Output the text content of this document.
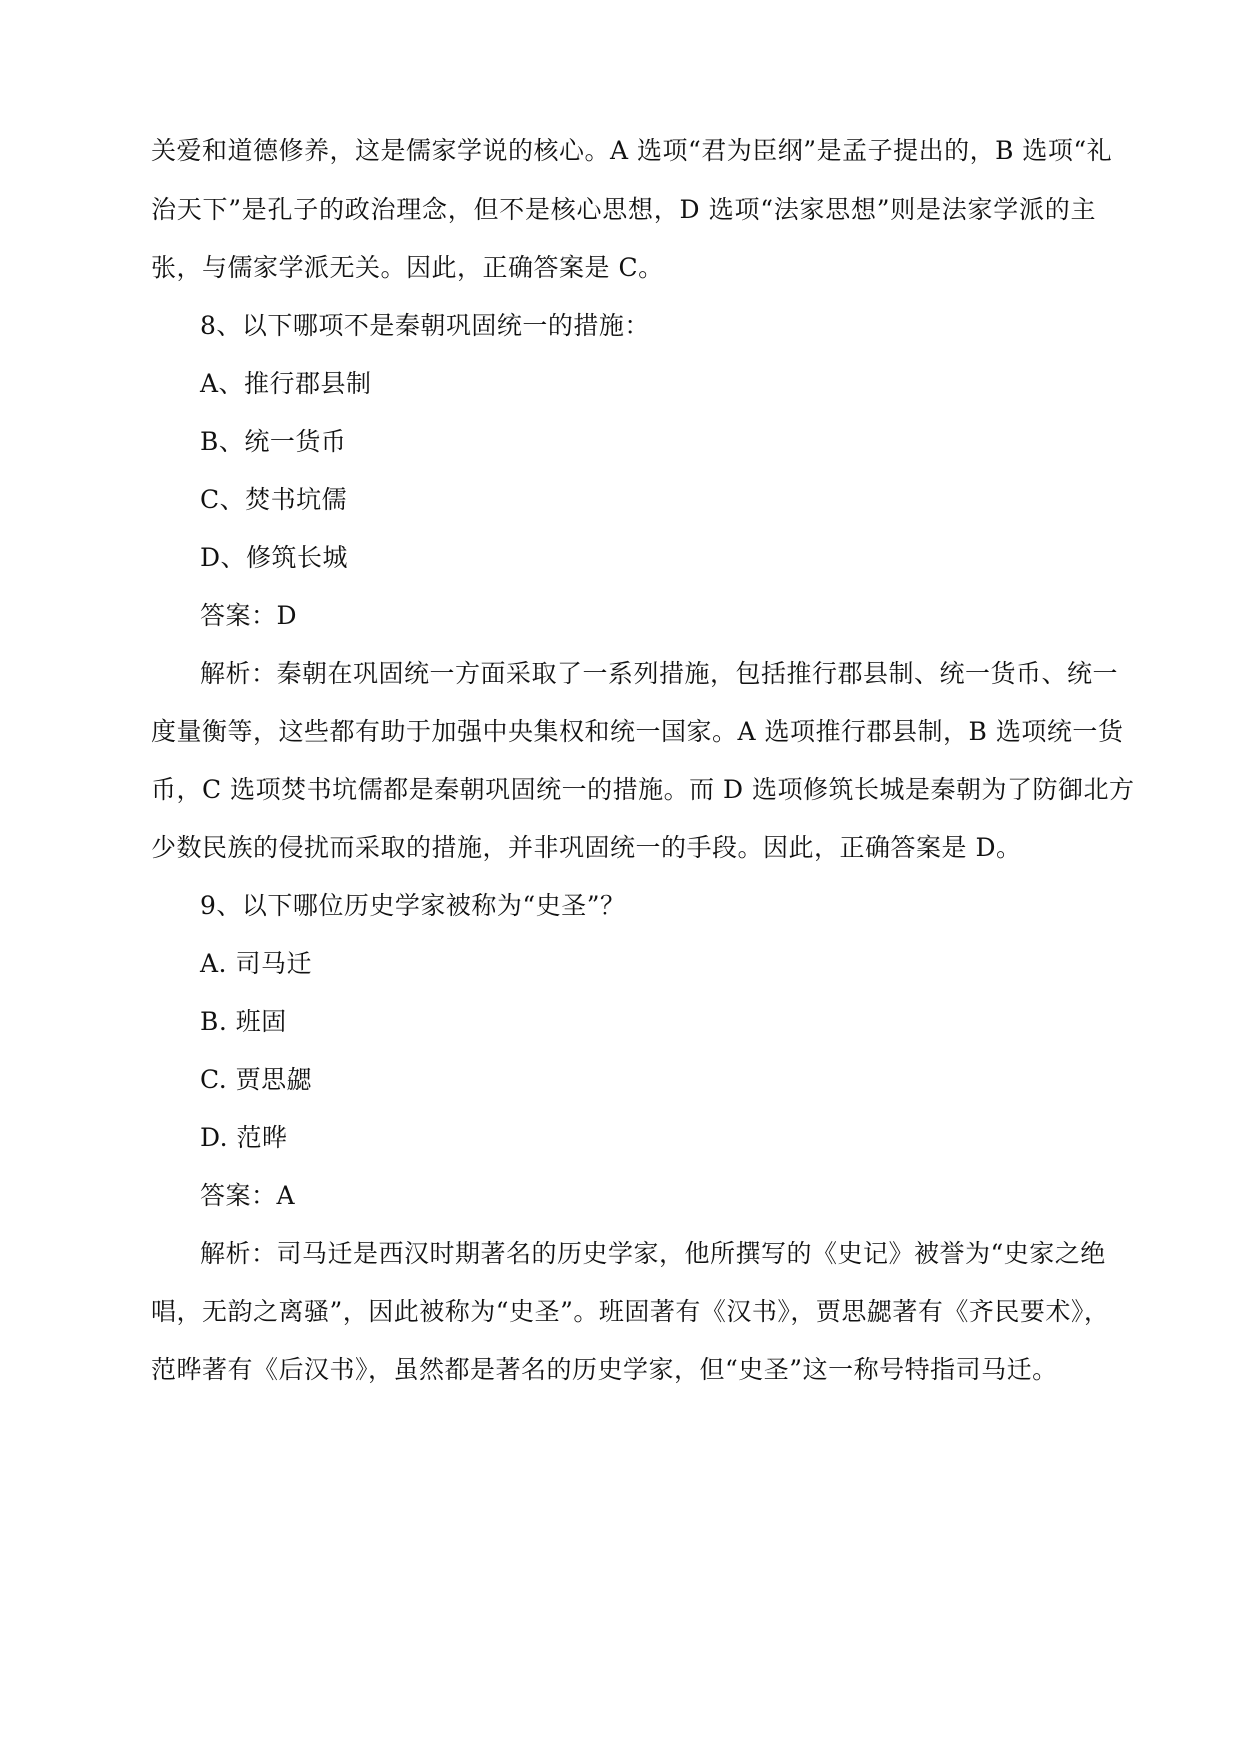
关爱和道德修养，这是儒家学说的核心。A 选项“君为臣纲”是孟子提出的，B 选项“礼
治天下”是孔子的政治理念，但不是核心思想，D 选项“法家思想”则是法家学派的主
张，与儒家学派无关。因此，正确答案是 C。
8、以下哪项不是秦朝巩固统一的措施：
A、推行郡县制
B、统一货币
C、焚书坑儒
D、修筑长城
答案：D
解析：秦朝在巩固统一方面采取了一系列措施，包括推行郡县制、统一货币、统一
度量衡等，这些都有助于加强中央集权和统一国家。A 选项推行郡县制，B 选项统一货
币，C 选项焚书坑儒都是秦朝巩固统一的措施。而 D 选项修筑长城是秦朝为了防御北方
少数民族的侵扰而采取的措施，并非巩固统一的手段。因此，正确答案是 D。
9、以下哪位历史学家被称为“史圣”？
A. 司马迁
B. 班固
C. 贾思勰
D. 范晔
答案：A
解析：司马迁是西汉时期著名的历史学家，他所撰写的《史记》被誉为“史家之绝
唱，无韵之离骚”，因此被称为“史圣”。班固著有《汉书》，贾思勰著有《齐民要术》，
范晔著有《后汉书》，虽然都是著名的历史学家，但“史圣”这一称号特指司马迁。
